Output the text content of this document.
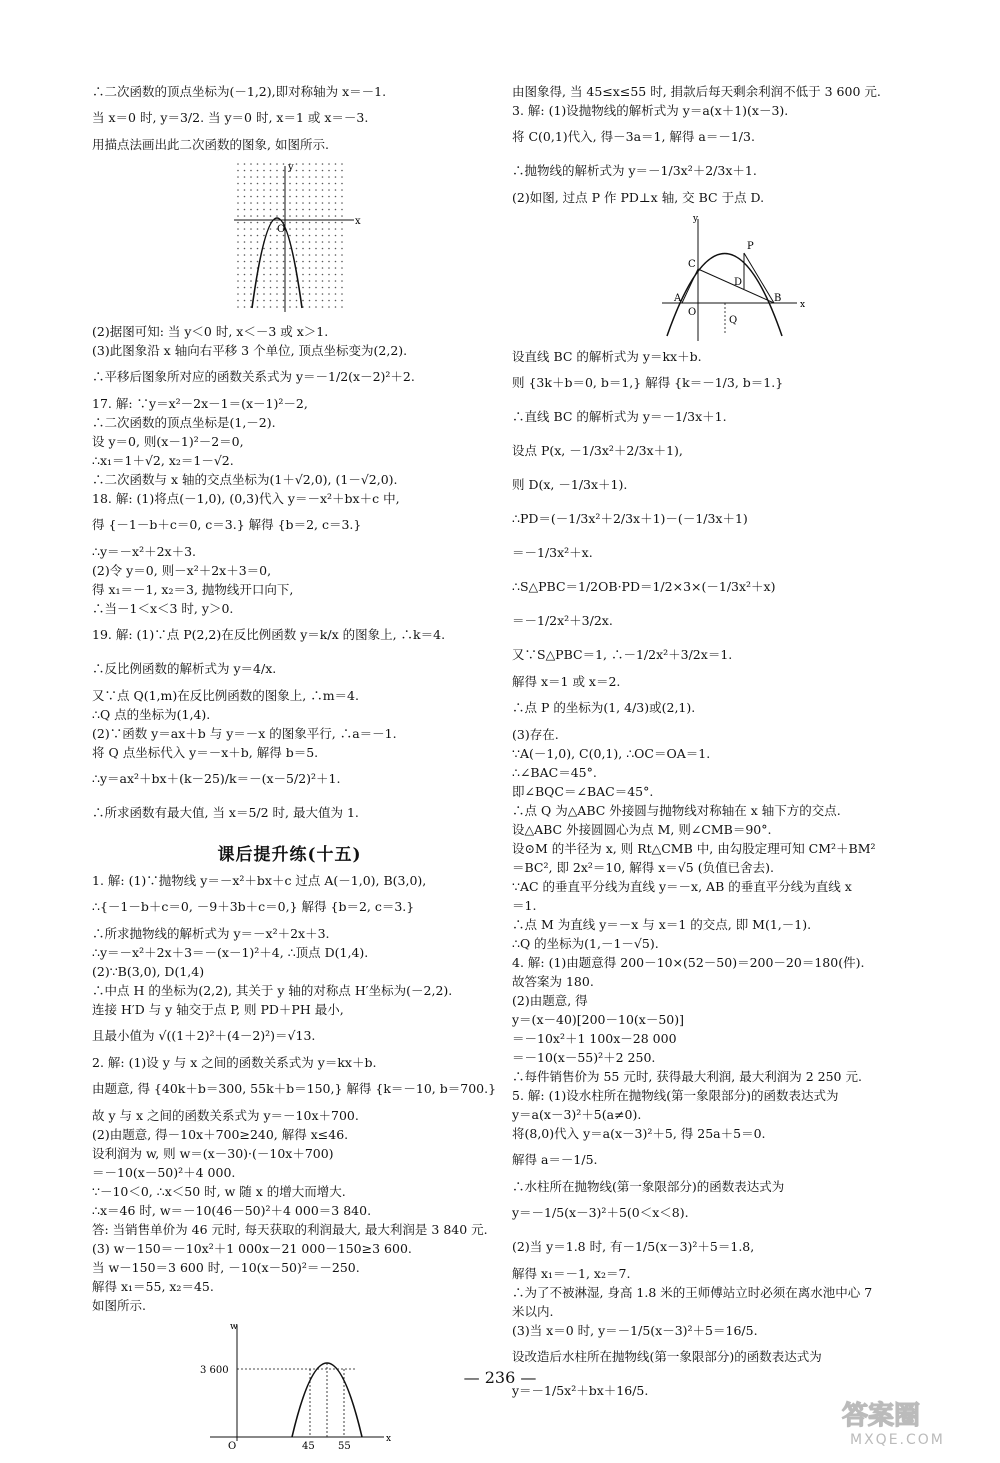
∴二次函数的顶点坐标为(－1,2),即对称轴为 x＝－1.
当 x＝0 时, y＝3/2. 当 y＝0 时, x＝1 或 x＝－3.
用描点法画出此二次函数的图象, 如图所示.
x
y
O
(2)据图可知: 当 y＜0 时, x＜－3 或 x＞1.
(3)此图象沿 x 轴向右平移 3 个单位, 顶点坐标变为(2,2).
∴平移后图象所对应的函数关系式为 y＝－1/2(x－2)²＋2.
17. 解: ∵y＝x²－2x－1＝(x－1)²－2,
∴二次函数的顶点坐标是(1,－2).
设 y＝0, 则(x－1)²－2＝0,
∴x₁＝1＋√2, x₂＝1－√2.
∴二次函数与 x 轴的交点坐标为(1＋√2,0), (1－√2,0).
18. 解: (1)将点(－1,0), (0,3)代入 y＝－x²＋bx＋c 中,
得 {－1－b＋c＝0, c＝3.} 解得 {b＝2, c＝3.}
∴y＝－x²＋2x＋3.
(2)令 y＝0, 则－x²＋2x＋3＝0,
得 x₁＝－1, x₂＝3, 抛物线开口向下,
∴当－1＜x＜3 时, y＞0.
19. 解: (1)∵点 P(2,2)在反比例函数 y＝k/x 的图象上, ∴k＝4.
∴反比例函数的解析式为 y＝4/x.
又∵点 Q(1,m)在反比例函数的图象上, ∴m＝4.
∴Q 点的坐标为(1,4).
(2)∵函数 y＝ax＋b 与 y＝－x 的图象平行, ∴a＝－1.
将 Q 点坐标代入 y＝－x＋b, 解得 b＝5.
∴y＝ax²＋bx＋(k－25)/k＝－(x－5/2)²＋1.
∴所求函数有最大值, 当 x＝5/2 时, 最大值为 1.
课后提升练(十五)
1. 解: (1)∵抛物线 y＝－x²＋bx＋c 过点 A(－1,0), B(3,0),
∴{－1－b＋c＝0, －9＋3b＋c＝0,} 解得 {b＝2, c＝3.}
∴所求抛物线的解析式为 y＝－x²＋2x＋3.
∴y＝－x²＋2x＋3＝－(x－1)²＋4, ∴顶点 D(1,4).
(2)∵B(3,0), D(1,4)
∴中点 H 的坐标为(2,2), 其关于 y 轴的对称点 H′坐标为(－2,2).
连接 H′D 与 y 轴交于点 P, 则 PD＋PH 最小,
且最小值为 √((1＋2)²＋(4－2)²)＝√13.
2. 解: (1)设 y 与 x 之间的函数关系式为 y＝kx＋b.
由题意, 得 {40k＋b＝300, 55k＋b＝150,} 解得 {k＝－10, b＝700.}
故 y 与 x 之间的函数关系式为 y＝－10x＋700.
(2)由题意, 得－10x＋700≥240, 解得 x≤46.
设利润为 w, 则 w＝(x－30)·(－10x＋700)
＝－10(x－50)²＋4 000.
∵－10＜0, ∴x＜50 时, w 随 x 的增大而增大.
∴x＝46 时, w＝－10(46－50)²＋4 000＝3 840.
答: 当销售单价为 46 元时, 每天获取的利润最大, 最大利润是 3 840 元.
(3) w－150＝－10x²＋1 000x－21 000－150≥3 600.
当 w－150＝3 600 时, －10(x－50)²＝－250.
解得 x₁＝55, x₂＝45.
如图所示.
w
x
O
3 600
45 55
由图象得, 当 45≤x≤55 时, 捐款后每天剩余利润不低于 3 600 元.
3. 解: (1)设抛物线的解析式为 y＝a(x＋1)(x－3).
将 C(0,1)代入, 得－3a＝1, 解得 a＝－1/3.
∴抛物线的解析式为 y＝－1/3x²＋2/3x＋1.
(2)如图, 过点 P 作 PD⊥x 轴, 交 BC 于点 D.
x
y
A
C
P
D
B
O
Q
设直线 BC 的解析式为 y＝kx＋b.
则 {3k＋b＝0, b＝1,} 解得 {k＝－1/3, b＝1.}
∴直线 BC 的解析式为 y＝－1/3x＋1.
设点 P(x, －1/3x²＋2/3x＋1),
则 D(x, －1/3x＋1).
∴PD＝(－1/3x²＋2/3x＋1)－(－1/3x＋1)
＝－1/3x²＋x.
∴S△PBC＝1/2OB·PD＝1/2×3×(－1/3x²＋x)
＝－1/2x²＋3/2x.
又∵S△PBC＝1, ∴－1/2x²＋3/2x＝1.
解得 x＝1 或 x＝2.
∴点 P 的坐标为(1, 4/3)或(2,1).
(3)存在.
∵A(－1,0), C(0,1), ∴OC＝OA＝1.
∴∠BAC＝45°.
即∠BQC＝∠BAC＝45°.
∴点 Q 为△ABC 外接圆与抛物线对称轴在 x 轴下方的交点.
设△ABC 外接圆圆心为点 M, 则∠CMB＝90°.
设⊙M 的半径为 x, 则 Rt△CMB 中, 由勾股定理可知 CM²＋BM²
＝BC², 即 2x²＝10, 解得 x＝√5 (负值已舍去).
∵AC 的垂直平分线为直线 y＝－x, AB 的垂直平分线为直线 x
＝1.
∴点 M 为直线 y＝－x 与 x＝1 的交点, 即 M(1,－1).
∴Q 的坐标为(1,－1－√5).
4. 解: (1)由题意得 200－10×(52－50)＝200－20＝180(件).
故答案为 180.
(2)由题意, 得
y＝(x－40)[200－10(x－50)]
＝－10x²＋1 100x－28 000
＝－10(x－55)²＋2 250.
∴每件销售价为 55 元时, 获得最大利润, 最大利润为 2 250 元.
5. 解: (1)设水柱所在抛物线(第一象限部分)的函数表达式为
y＝a(x－3)²＋5(a≠0).
将(8,0)代入 y＝a(x－3)²＋5, 得 25a＋5＝0.
解得 a＝－1/5.
∴水柱所在抛物线(第一象限部分)的函数表达式为
y＝－1/5(x－3)²＋5(0＜x＜8).
(2)当 y＝1.8 时, 有－1/5(x－3)²＋5＝1.8,
解得 x₁＝－1, x₂＝7.
∴为了不被淋湿, 身高 1.8 米的王师傅站立时必须在离水池中心 7
米以内.
(3)当 x＝0 时, y＝－1/5(x－3)²＋5＝16/5.
设改造后水柱所在抛物线(第一象限部分)的函数表达式为
y＝－1/5x²＋bx＋16/5.
— 236 —
答案圈
MXQE.COM
